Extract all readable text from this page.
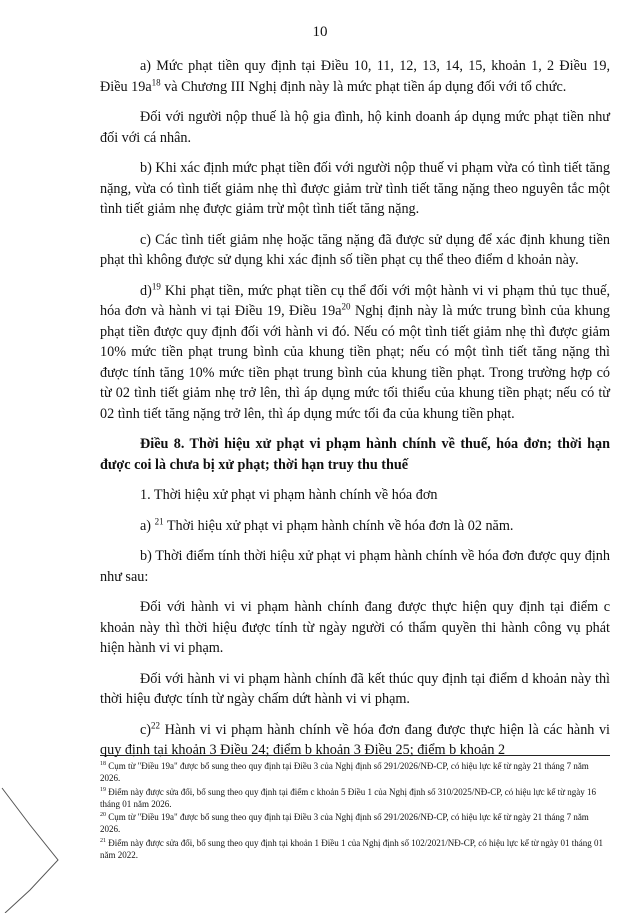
10

a) Mức phạt tiền quy định tại Điều 10, 11, 12, 13, 14, 15, khoản 1, 2 Điều 19, Điều $19a^{18}$ và Chương III Nghị định này là mức phạt tiền áp dụng đối với tổ chức.

Đối với người nộp thuế là hộ gia đình, hộ kinh doanh áp dụng mức phạt tiền như đối với cá nhân.

b) Khi xác định mức phạt tiền đối với người nộp thuế vi phạm vừa có tình tiết tăng nặng, vừa có tình tiết giảm nhẹ thì được giảm trừ tình tiết tăng nặng theo nguyên tắc một tình tiết giảm nhẹ được giảm trừ một tình tiết tăng nặng.

c) Các tình tiết giảm nhẹ hoặc tăng nặng đã được sử dụng để xác định khung tiền phạt thì không được sử dụng khi xác định số tiền phạt cụ thể theo điểm d khoản này.

d)$^{19}$ Khi phạt tiền, mức phạt tiền cụ thể đối với một hành vi vi phạm thủ tục thuế, hóa đơn và hành vi tại Điều 19, Điều $19a^{20}$ Nghị định này là mức trung bình của khung phạt tiền được quy định đối với hành vi đó. Nếu có một tình tiết giảm nhẹ thì được giảm 10% mức tiền phạt trung bình của khung tiền phạt; nếu có một tình tiết tăng nặng thì được tính tăng 10% mức tiền phạt trung bình của khung tiền phạt. Trong trường hợp có từ 02 tình tiết giảm nhẹ trở lên, thì áp dụng mức tối thiểu của khung tiền phạt; nếu có từ 02 tình tiết tăng nặng trở lên, thì áp dụng mức tối đa của khung tiền phạt.

Điều 8. Thời hiệu xử phạt vi phạm hành chính về thuế, hóa đơn; thời hạn được coi là chưa bị xử phạt; thời hạn truy thu thuế

1. Thời hiệu xử phạt vi phạm hành chính về hóa đơn

a) $^{21}$ Thời hiệu xử phạt vi phạm hành chính về hóa đơn là 02 năm.

b) Thời điểm tính thời hiệu xử phạt vi phạm hành chính về hóa đơn được quy định như sau:

Đối với hành vi vi phạm hành chính đang được thực hiện quy định tại điểm c khoản này thì thời hiệu được tính từ ngày người có thẩm quyền thi hành công vụ phát hiện hành vi vi phạm.

Đối với hành vi vi phạm hành chính đã kết thúc quy định tại điểm d khoản này thì thời hiệu được tính từ ngày chấm dứt hành vi vi phạm.

c)$^{22}$ Hành vi vi phạm hành chính về hóa đơn đang được thực hiện là các hành vi quy định tại khoản 3 Điều 24; điểm b khoản 3 Điều 25; điểm b khoản 2

$^{18}$ Cụm từ "Điều 19a" được bổ sung theo quy định tại Điều 3 của Nghị định số 291/2026/NĐ-CP, có hiệu lực kể từ ngày 21 tháng 7 năm 2026.

$^{19}$ Điểm này được sửa đổi, bổ sung theo quy định tại điểm c khoản 5 Điều 1 của Nghị định số 310/2025/NĐ-CP, có hiệu lực kể từ ngày 16 tháng 01 năm 2026.

$^{20}$ Cụm từ "Điều 19a" được bổ sung theo quy định tại Điều 3 của Nghị định số 291/2026/NĐ-CP, có hiệu lực kể từ ngày 21 tháng 7 năm 2026.

$^{21}$ Điểm này được sửa đổi, bổ sung theo quy định tại khoản 1 Điều 1 của Nghị định số 102/2021/NĐ-CP, có hiệu lực kể từ ngày 01 tháng 01 năm 2022.
